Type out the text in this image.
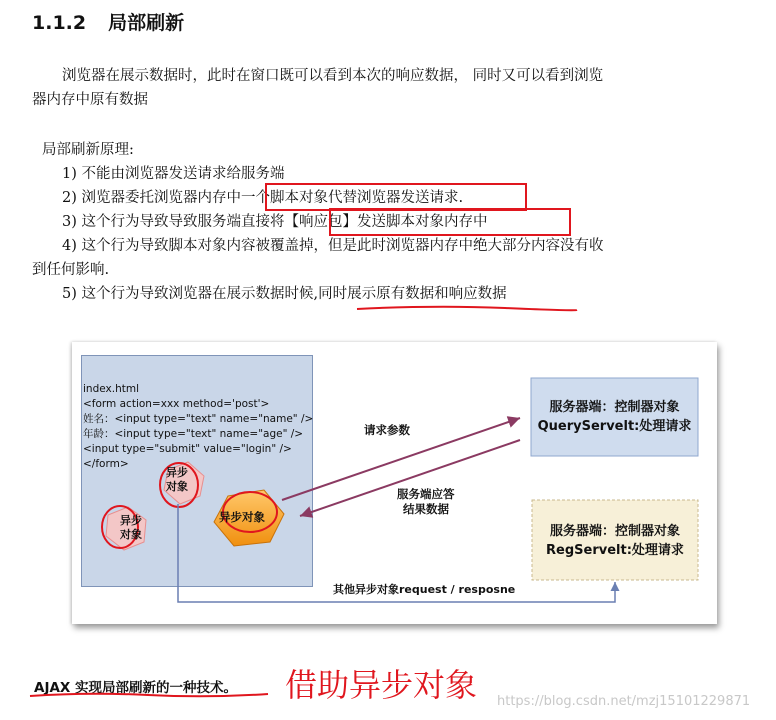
1.1.2 局部刷新
浏览器在展示数据时，此时在窗口既可以看到本次的响应数据， 同时又可以看到浏览
器内存中原有数据
局部刷新原理:
1) 不能由浏览器发送请求给服务端
2) 浏览器委托浏览器内存中一个脚本对象代替浏览器发送请求.
3) 这个行为导致导致服务端直接将【响应包】发送脚本对象内存中
4) 这个行为导致脚本对象内容被覆盖掉，但是此时浏览器内存中绝大部分内容没有收
到任何影响.
5) 这个行为导致浏览器在展示数据时候,同时展示原有数据和响应数据
index.html
<form action=xxx method='post'>
姓名：<input type="text" name="name" />
年龄：<input type="text" name="age" />
<input type="submit" value="login" />
</form>
异步
对象
异步
对象
异步对象
服务器端：控制器对象
QueryServelt:处理请求
服务器端：控制器对象
RegServelt:处理请求
请求参数
服务端应答
结果数据
其他异步对象request / resposne
AJAX 实现局部刷新的一种技术。 借助异步对象 https://blog.csdn.net/mzj15101229871
